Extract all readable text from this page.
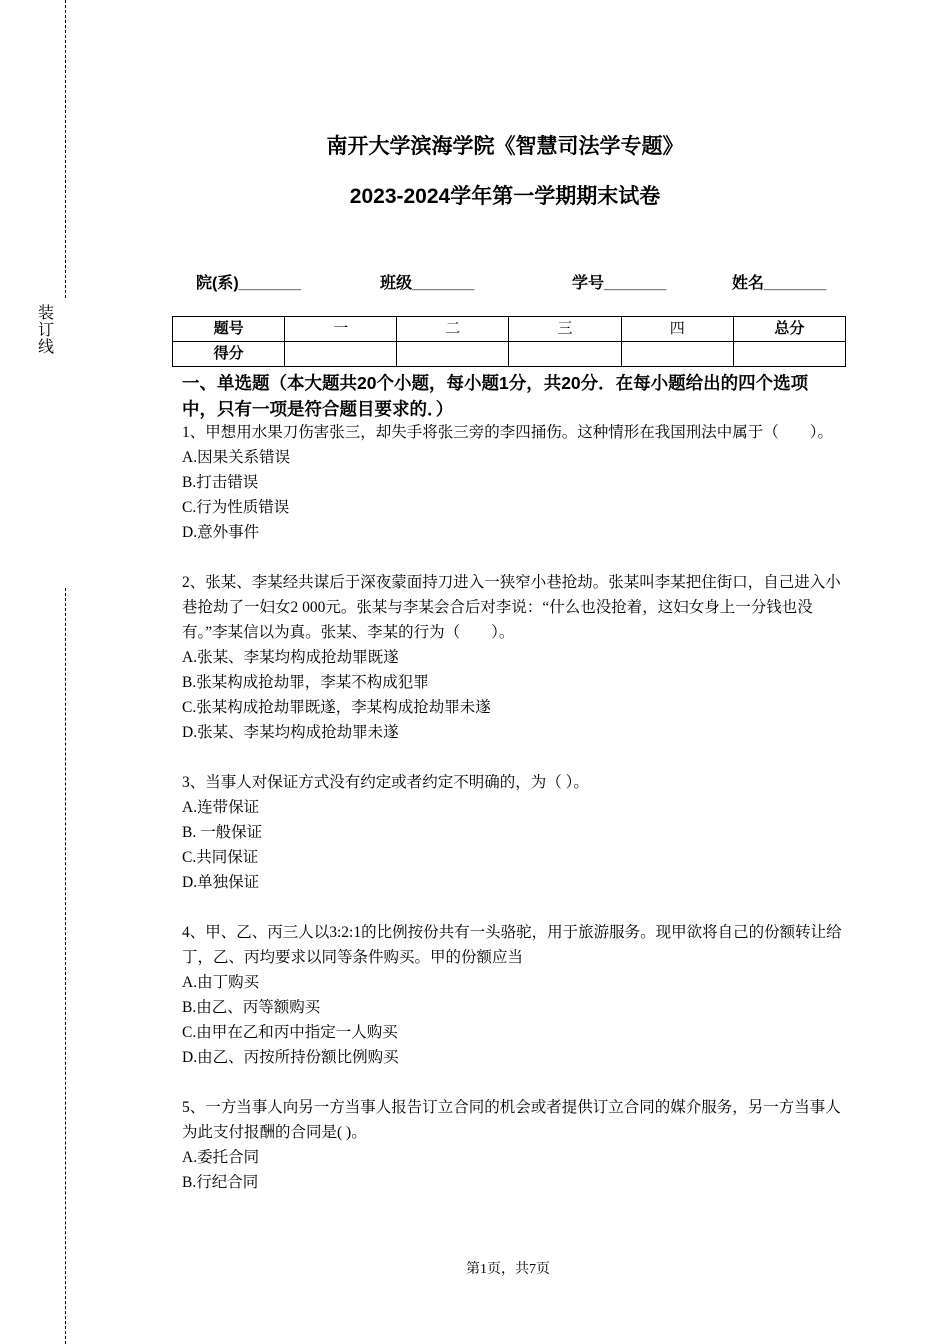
装
订
线
南开大学滨海学院《智慧司法学专题》
2023-2024学年第一学期期末试卷
院(系)_______	班级_______	学号_______	姓名_______
题号	一	二	三	四	总分
得分					
一、单选题（本大题共20个小题，每小题1分，共20分．在每小题给出的四个选项中，只有一项是符合题目要求的．）

1、甲想用水果刀伤害张三，却失手将张三旁的李四捅伤。这种情形在我国刑法中属于（　　）。

A.因果关系错误

B.打击错误

C.行为性质错误

D.意外事件

2、张某、李某经共谋后于深夜蒙面持刀进入一狭窄小巷抢劫。张某叫李某把住街口，自己进入小巷抢劫了一妇女2 000元。张某与李某会合后对李说：“什么也没抢着，这妇女身上一分钱也没有。”李某信以为真。张某、李某的行为（　　）。

A.张某、李某均构成抢劫罪既遂

B.张某构成抢劫罪，李某不构成犯罪

C.张某构成抢劫罪既遂，李某构成抢劫罪未遂

D.张某、李某均构成抢劫罪未遂

3、当事人对保证方式没有约定或者约定不明确的，为（ ）。

A.连带保证

B. 一般保证

C.共同保证

D.单独保证

4、甲、乙、丙三人以3:2:1的比例按份共有一头骆驼，用于旅游服务。现甲欲将自己的份额转让给丁，乙、丙均要求以同等条件购买。甲的份额应当

A.由丁购买

B.由乙、丙等额购买

C.由甲在乙和丙中指定一人购买

D.由乙、丙按所持份额比例购买

5、一方当事人向另一方当事人报告订立合同的机会或者提供订立合同的媒介服务，另一方当事人为此支付报酬的合同是( )。

A.委托合同

B.行纪合同

第1页，共7页
